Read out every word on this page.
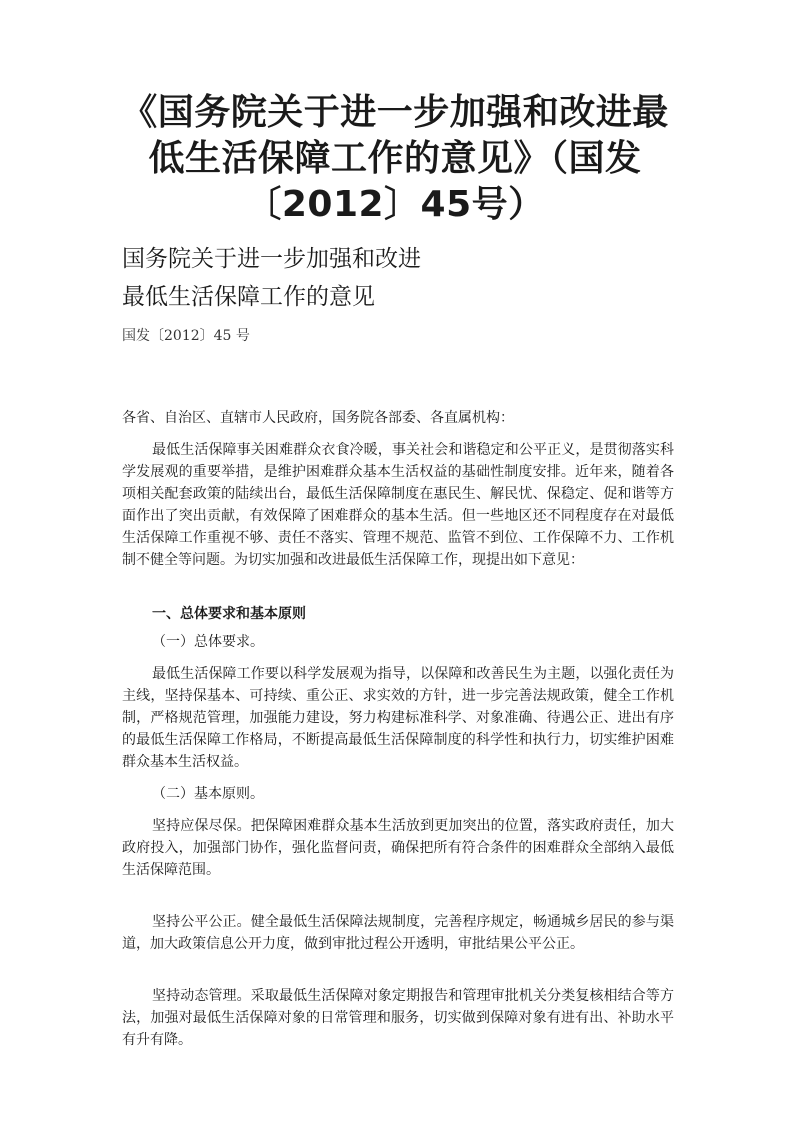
《国务院关于进一步加强和改进最低生活保障工作的意见》（国发〔2012〕45号）

国务院关于进一步加强和改进

最低生活保障工作的意见

国发〔2012〕45 号

各省、自治区、直辖市人民政府，国务院各部委、各直属机构：

最低生活保障事关困难群众衣食冷暖，事关社会和谐稳定和公平正义，是贯彻落实科学发展观的重要举措，是维护困难群众基本生活权益的基础性制度安排。近年来，随着各项相关配套政策的陆续出台，最低生活保障制度在惠民生、解民忧、保稳定、促和谐等方面作出了突出贡献，有效保障了困难群众的基本生活。但一些地区还不同程度存在对最低生活保障工作重视不够、责任不落实、管理不规范、监管不到位、工作保障不力、工作机制不健全等问题。为切实加强和改进最低生活保障工作，现提出如下意见：

一、总体要求和基本原则
（一）总体要求。

最低生活保障工作要以科学发展观为指导，以保障和改善民生为主题，以强化责任为主线，坚持保基本、可持续、重公正、求实效的方针，进一步完善法规政策，健全工作机制，严格规范管理，加强能力建设，努力构建标准科学、对象准确、待遇公正、进出有序的最低生活保障工作格局，不断提高最低生活保障制度的科学性和执行力，切实维护困难群众基本生活权益。

（二）基本原则。

坚持应保尽保。把保障困难群众基本生活放到更加突出的位置，落实政府责任，加大政府投入，加强部门协作，强化监督问责，确保把所有符合条件的困难群众全部纳入最低生活保障范围。

坚持公平公正。健全最低生活保障法规制度，完善程序规定，畅通城乡居民的参与渠道，加大政策信息公开力度，做到审批过程公开透明，审批结果公平公正。

坚持动态管理。采取最低生活保障对象定期报告和管理审批机关分类复核相结合等方法，加强对最低生活保障对象的日常管理和服务，切实做到保障对象有进有出、补助水平有升有降。
